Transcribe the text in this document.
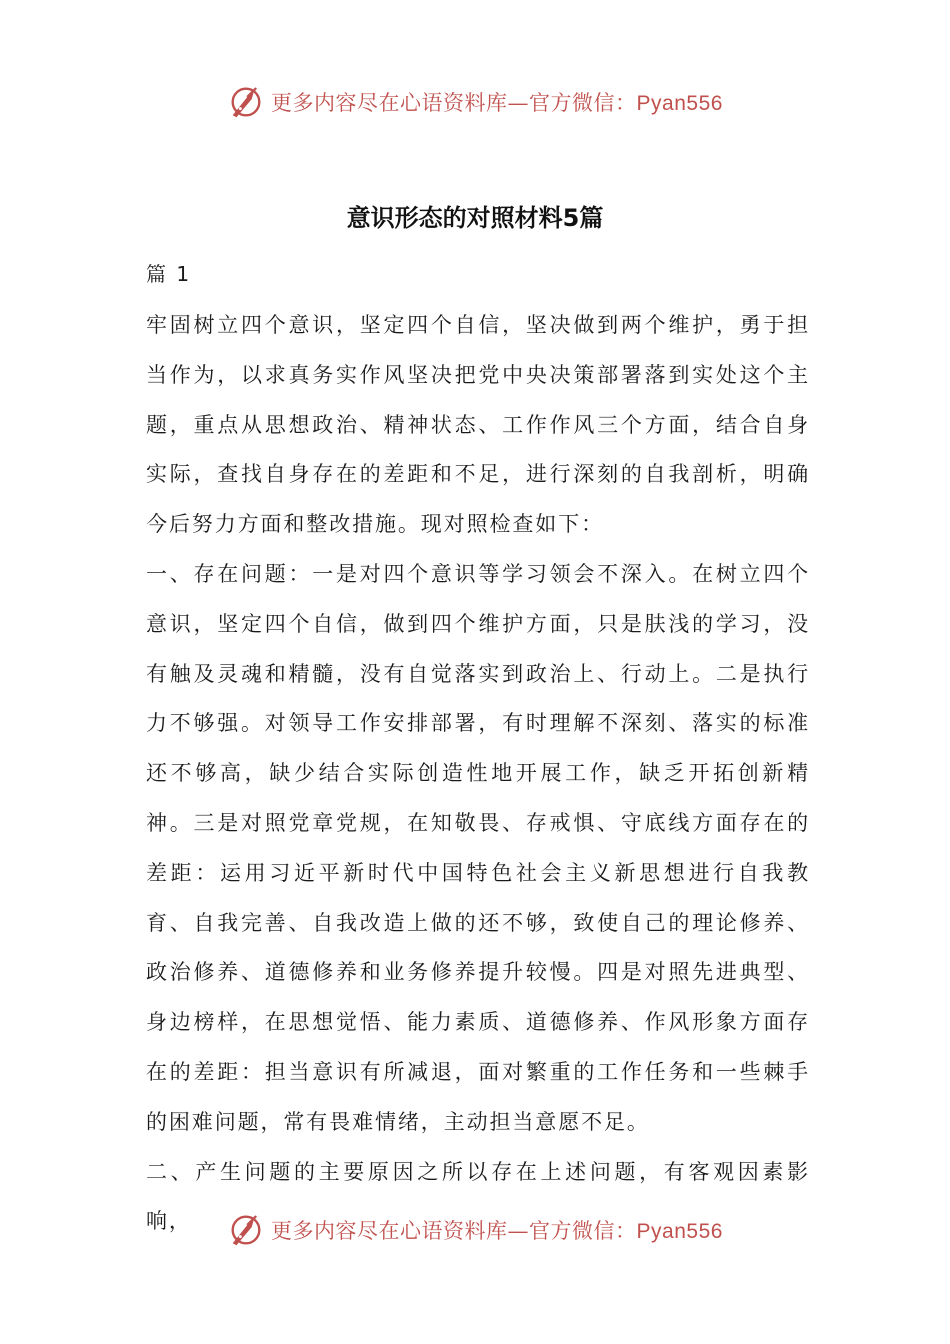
更多内容尽在心语资料库—官方微信：Pyan556
意识形态的对照材料5篇
篇 1

牢固树立四个意识，坚定四个自信，坚决做到两个维护，勇于担当作为，以求真务实作风坚决把党中央决策部署落到实处这个主题，重点从思想政治、精神状态、工作作风三个方面，结合自身实际，查找自身存在的差距和不足，进行深刻的自我剖析，明确今后努力方面和整改措施。现对照检查如下：

一、存在问题：一是对四个意识等学习领会不深入。在树立四个意识，坚定四个自信，做到四个维护方面，只是肤浅的学习，没有触及灵魂和精髓，没有自觉落实到政治上、行动上。二是执行力不够强。对领导工作安排部署，有时理解不深刻、落实的标准还不够高，缺少结合实际创造性地开展工作，缺乏开拓创新精神。三是对照党章党规，在知敬畏、存戒惧、守底线方面存在的差距：运用习近平新时代中国特色社会主义新思想进行自我教育、自我完善、自我改造上做的还不够，致使自己的理论修养、政治修养、道德修养和业务修养提升较慢。四是对照先进典型、身边榜样，在思想觉悟、能力素质、道德修养、作风形象方面存在的差距：担当意识有所减退，面对繁重的工作任务和一些棘手的困难问题，常有畏难情绪，主动担当意愿不足。

二、产生问题的主要原因之所以存在上述问题，有客观因素影响，	更多内容尽在心语资料库—官方微信：Pyan556
